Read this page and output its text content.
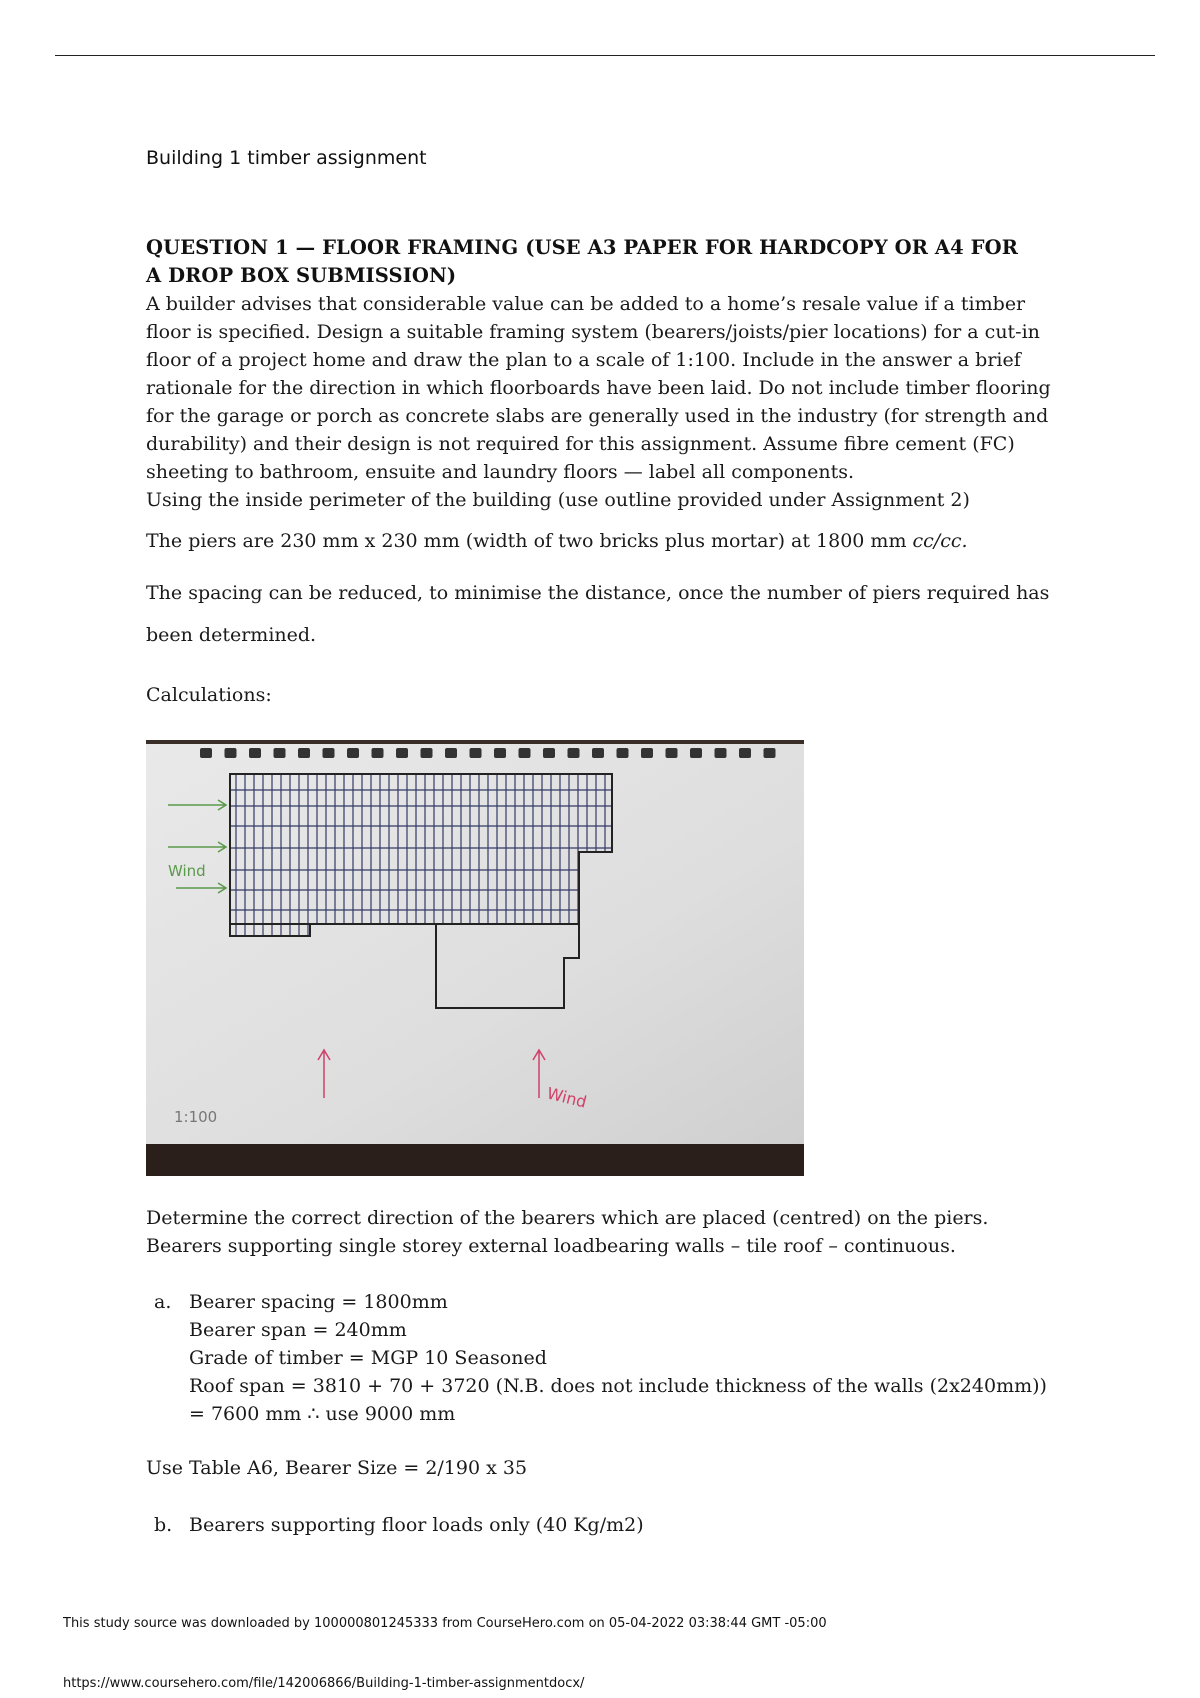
Building 1 timber assignment
QUESTION 1 — FLOOR FRAMING (USE A3 PAPER FOR HARDCOPY OR A4 FOR
A DROP BOX SUBMISSION)

A builder advises that considerable value can be added to a home’s resale value if a timber

floor is specified. Design a suitable framing system (bearers/joists/pier locations) for a cut-in

floor of a project home and draw the plan to a scale of 1:100. Include in the answer a brief

rationale for the direction in which floorboards have been laid. Do not include timber flooring

for the garage or porch as concrete slabs are generally used in the industry (for strength and

durability) and their design is not required for this assignment. Assume fibre cement (FC)

sheeting to bathroom, ensuite and laundry floors — label all components.

Using the inside perimeter of the building (use outline provided under Assignment 2)

The piers are 230 mm x 230 mm (width of two bricks plus mortar) at 1800 mm cc/cc.
The spacing can be reduced, to minimise the distance, once the number of piers required has
been determined.
Calculations:
Wind
Wind
1:100
Determine the correct direction of the bearers which are placed (centred) on the piers.
Bearers supporting single storey external loadbearing walls – tile roof – continuous.
a. Bearer spacing = 1800mm
Bearer span = 240mm
Grade of timber = MGP 10 Seasoned
Roof span = 3810 + 70 + 3720 (N.B. does not include thickness of the walls (2x240mm))
= 7600 mm ∴ use 9000 mm
Use Table A6, Bearer Size = 2/190 x 35
b. Bearers supporting floor loads only (40 Kg/m2)
This study source was downloaded by 100000801245333 from CourseHero.com on 05-04-2022 03:38:44 GMT -05:00
https://www.coursehero.com/file/142006866/Building-1-timber-assignmentdocx/
